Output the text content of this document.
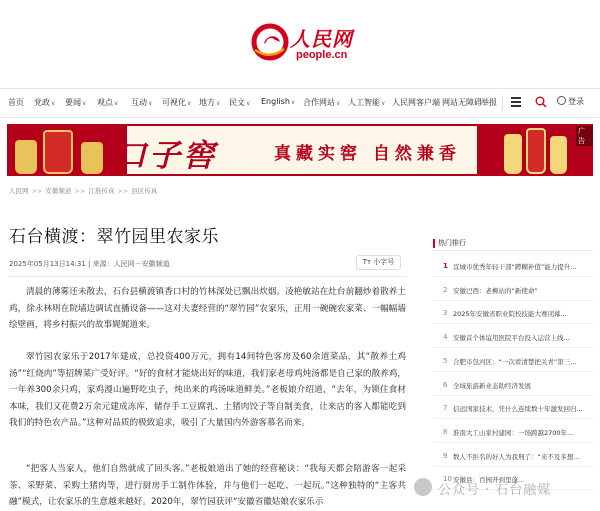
人民网
people.cn
首页 党政∨ 要闻∨ 观点∨ 互动∨ 可视化∨ 地方∨ 民文∨ English∨ 合作网站∨ 人工智能∨ 人民网客户端 网站无障碍 举报	登录
口子窖	真藏实窖 自然兼香
广告
人民网 >> 安徽频道 >> 江淮传真 >> 县区传真
石台横渡：翠竹园里农家乐
2025年05月13日14:31 | 来源：人民网－安徽频道	Tт 小字号

清晨的薄雾还未散去，石台县横渡镇香口村的竹林深处已飘出炊烟。凌艳敏站在灶台前翻炒着散养土鸡，徐永林则在院墙边调试直播设备——这对夫妻经营的“翠竹园”农家乐，正用一碗碗农家菜、一幅幅墙绘壁画，将乡村振兴的故事娓娓道来。

翠竹园农家乐于2017年建成，总投资400万元，拥有14间特色客房及60余道菜品，其“散养土鸡汤”“红烧肉”等招牌菜广受好评。“好的食材才能烧出好的味道，我们家老母鸡炖汤都是自己家的散养鸡，一年养300余只鸡，家鸡漫山遍野吃虫子，炖出来的鸡汤味道鲜美。”老板娘介绍道，“去年，为锁住食材本味，我们又花费2万余元建成冻库，储存手工豆腐乳、土猪肉饺子等自制美食，让来店的客人都能吃到我们的特色农产品。”这种对品质的极致追求，吸引了大量国内外游客慕名而来。

“把客人当家人，他们自然就成了回头客。”老板娘道出了她的经营秘诀：“我每天都会陪游客一起采茶、采野菜、采购土猪肉等，进行厨房手工制作体验，并与他们一起吃、一起玩。”这种独特的“主客共融”模式，让农家乐的生意越来越好。2020年，翠竹园获评“安徽省徽姑娘农家乐示

热门排行
1 宣城市优秀年轻干部“蹲糊补值”能力提升...
2 安徽巴西：老柳站的“新使命”
3 2025年安徽省职业院校技能大赛闭幕...
4 安徽首个体谊用医院平台投入运营上线...
5 合肥市包河区：“一次看清楚把关青”第三...
6 全域旅游新业态助经济发展
7 信远国家技术，凭什么连续数十年激发回归...
8 淮南大工山家村建园：一场跨越2700年...
9 数人不拒名的好人为我刑了：“来不及多想...
10 安徽县：百园开到里蓬...
公众号 · 石台融媒
